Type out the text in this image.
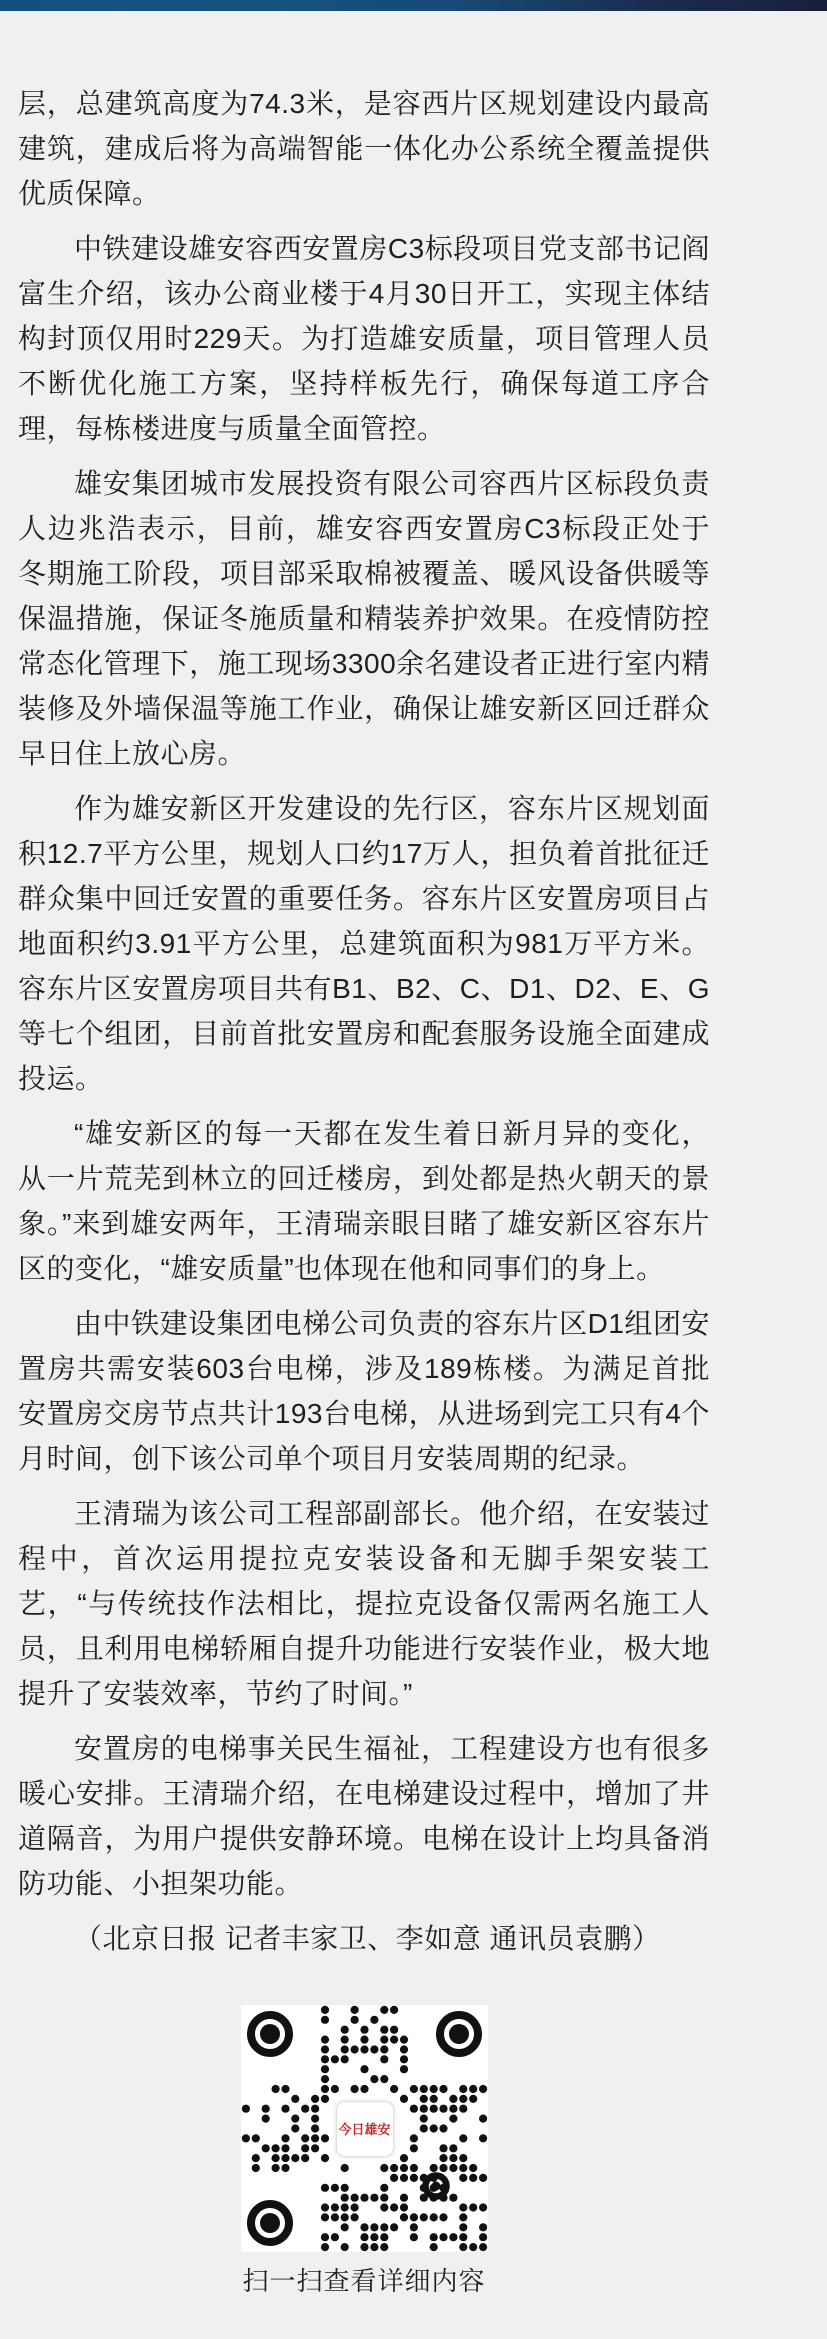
层，总建筑高度为74.3米，是容西片区规划建设内最高建筑，建成后将为高端智能一体化办公系统全覆盖提供优质保障。

中铁建设雄安容西安置房C3标段项目党支部书记阎富生介绍，该办公商业楼于4月30日开工，实现主体结构封顶仅用时229天。为打造雄安质量，项目管理人员不断优化施工方案，坚持样板先行，确保每道工序合理，每栋楼进度与质量全面管控。

雄安集团城市发展投资有限公司容西片区标段负责人边兆浩表示，目前，雄安容西安置房C3标段正处于冬期施工阶段，项目部采取棉被覆盖、暖风设备供暖等保温措施，保证冬施质量和精装养护效果。在疫情防控常态化管理下，施工现场3300余名建设者正进行室内精装修及外墙保温等施工作业，确保让雄安新区回迁群众早日住上放心房。

作为雄安新区开发建设的先行区，容东片区规划面积12.7平方公里，规划人口约17万人，担负着首批征迁群众集中回迁安置的重要任务。容东片区安置房项目占地面积约3.91平方公里，总建筑面积为981万平方米。容东片区安置房项目共有B1、B2、C、D1、D2、E、G等七个组团，目前首批安置房和配套服务设施全面建成投运。

“雄安新区的每一天都在发生着日新月异的变化，从一片荒芜到林立的回迁楼房，到处都是热火朝天的景象。”来到雄安两年，王清瑞亲眼目睹了雄安新区容东片区的变化，“雄安质量”也体现在他和同事们的身上。

由中铁建设集团电梯公司负责的容东片区D1组团安置房共需安装603台电梯，涉及189栋楼。为满足首批安置房交房节点共计193台电梯，从进场到完工只有4个月时间，创下该公司单个项目月安装周期的纪录。

王清瑞为该公司工程部副部长。他介绍，在安装过程中，首次运用提拉克安装设备和无脚手架安装工艺，“与传统技作法相比，提拉克设备仅需两名施工人员，且利用电梯轿厢自提升功能进行安装作业，极大地提升了安装效率，节约了时间。”

安置房的电梯事关民生福祉，工程建设方也有很多暖心安排。王清瑞介绍，在电梯建设过程中，增加了井道隔音，为用户提供安静环境。电梯在设计上均具备消防功能、小担架功能。

（北京日报 记者丰家卫、李如意 通讯员袁鹏）

今日雄安
扫一扫查看详细内容
